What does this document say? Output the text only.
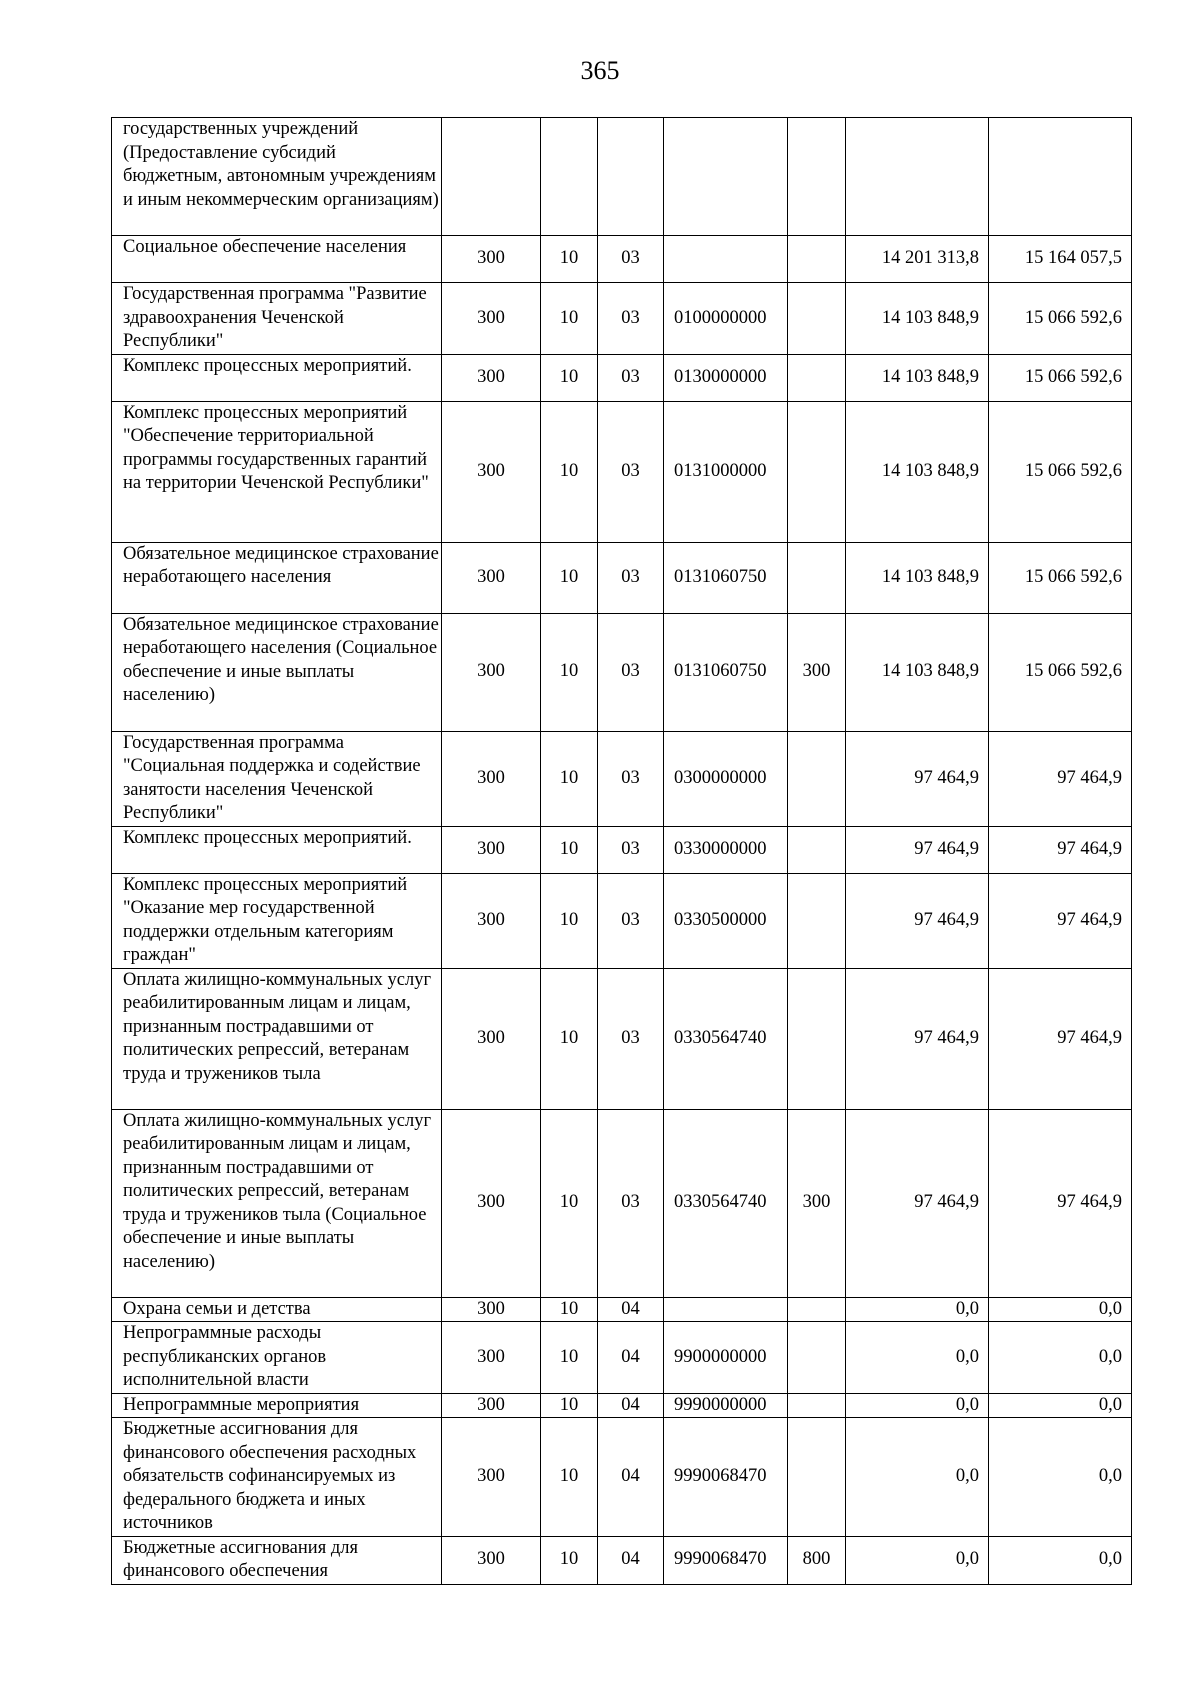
365
государственных учреждений (Предоставление субсидий бюджетным, автономным учреждениям и иным некоммерческим организациям)							
Социальное обеспечение населения	300	10	03			14 201 313,8	15 164 057,5
Государственная программа "Развитие здравоохранения Чеченской Республики"	300	10	03	0100000000		14 103 848,9	15 066 592,6
Комплекс процессных мероприятий.	300	10	03	0130000000		14 103 848,9	15 066 592,6
Комплекс процессных мероприятий "Обеспечение территориальной программы государственных гарантий на территории Чеченской Республики"	300	10	03	0131000000		14 103 848,9	15 066 592,6
Обязательное медицинское страхование неработающего населения	300	10	03	0131060750		14 103 848,9	15 066 592,6
Обязательное медицинское страхование неработающего населения (Социальное обеспечение и иные выплаты населению)	300	10	03	0131060750	300	14 103 848,9	15 066 592,6
Государственная программа "Социальная поддержка и содействие занятости населения Чеченской Республики"	300	10	03	0300000000		97 464,9	97 464,9
Комплекс процессных мероприятий.	300	10	03	0330000000		97 464,9	97 464,9
Комплекс процессных мероприятий "Оказание мер государственной поддержки отдельным категориям граждан"	300	10	03	0330500000		97 464,9	97 464,9
Оплата жилищно-коммунальных услуг реабилитированным лицам и лицам, признанным пострадавшими от политических репрессий, ветеранам труда и тружеников тыла	300	10	03	0330564740		97 464,9	97 464,9
Оплата жилищно-коммунальных услуг реабилитированным лицам и лицам, признанным пострадавшими от политических репрессий, ветеранам труда и тружеников тыла (Социальное обеспечение и иные выплаты населению)	300	10	03	0330564740	300	97 464,9	97 464,9
Охрана семьи и детства	300	10	04			0,0	0,0
Непрограммные расходы республиканских органов исполнительной власти	300	10	04	9900000000		0,0	0,0
Непрограммные мероприятия	300	10	04	9990000000		0,0	0,0
Бюджетные ассигнования для финансового обеспечения расходных обязательств софинансируемых из федерального бюджета и иных источников	300	10	04	9990068470		0,0	0,0
Бюджетные ассигнования для финансового обеспечения	300	10	04	9990068470	800	0,0	0,0
